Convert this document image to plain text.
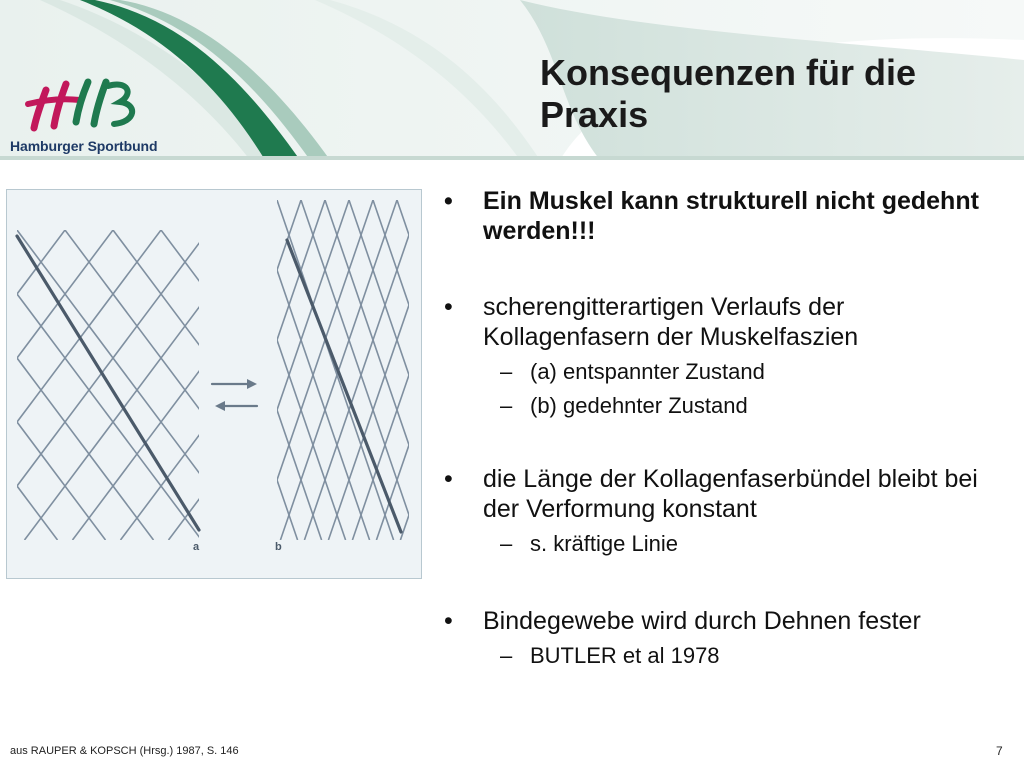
Hamburger Sportbund
Konsequenzen für die Praxis
a	b
• Ein Muskel kann strukturell nicht gedehnt werden!!!
• scherengitterartigen Verlaufs der Kollagenfasern der Muskelfaszien
– (a) entspannter Zustand
– (b) gedehnter Zustand
• die Länge der Kollagenfaserbündel bleibt bei der Verformung konstant
– s. kräftige Linie
• Bindegewebe wird durch Dehnen fester
– BUTLER et al 1978
aus RAUPER & KOPSCH (Hrsg.) 1987, S. 146	7
